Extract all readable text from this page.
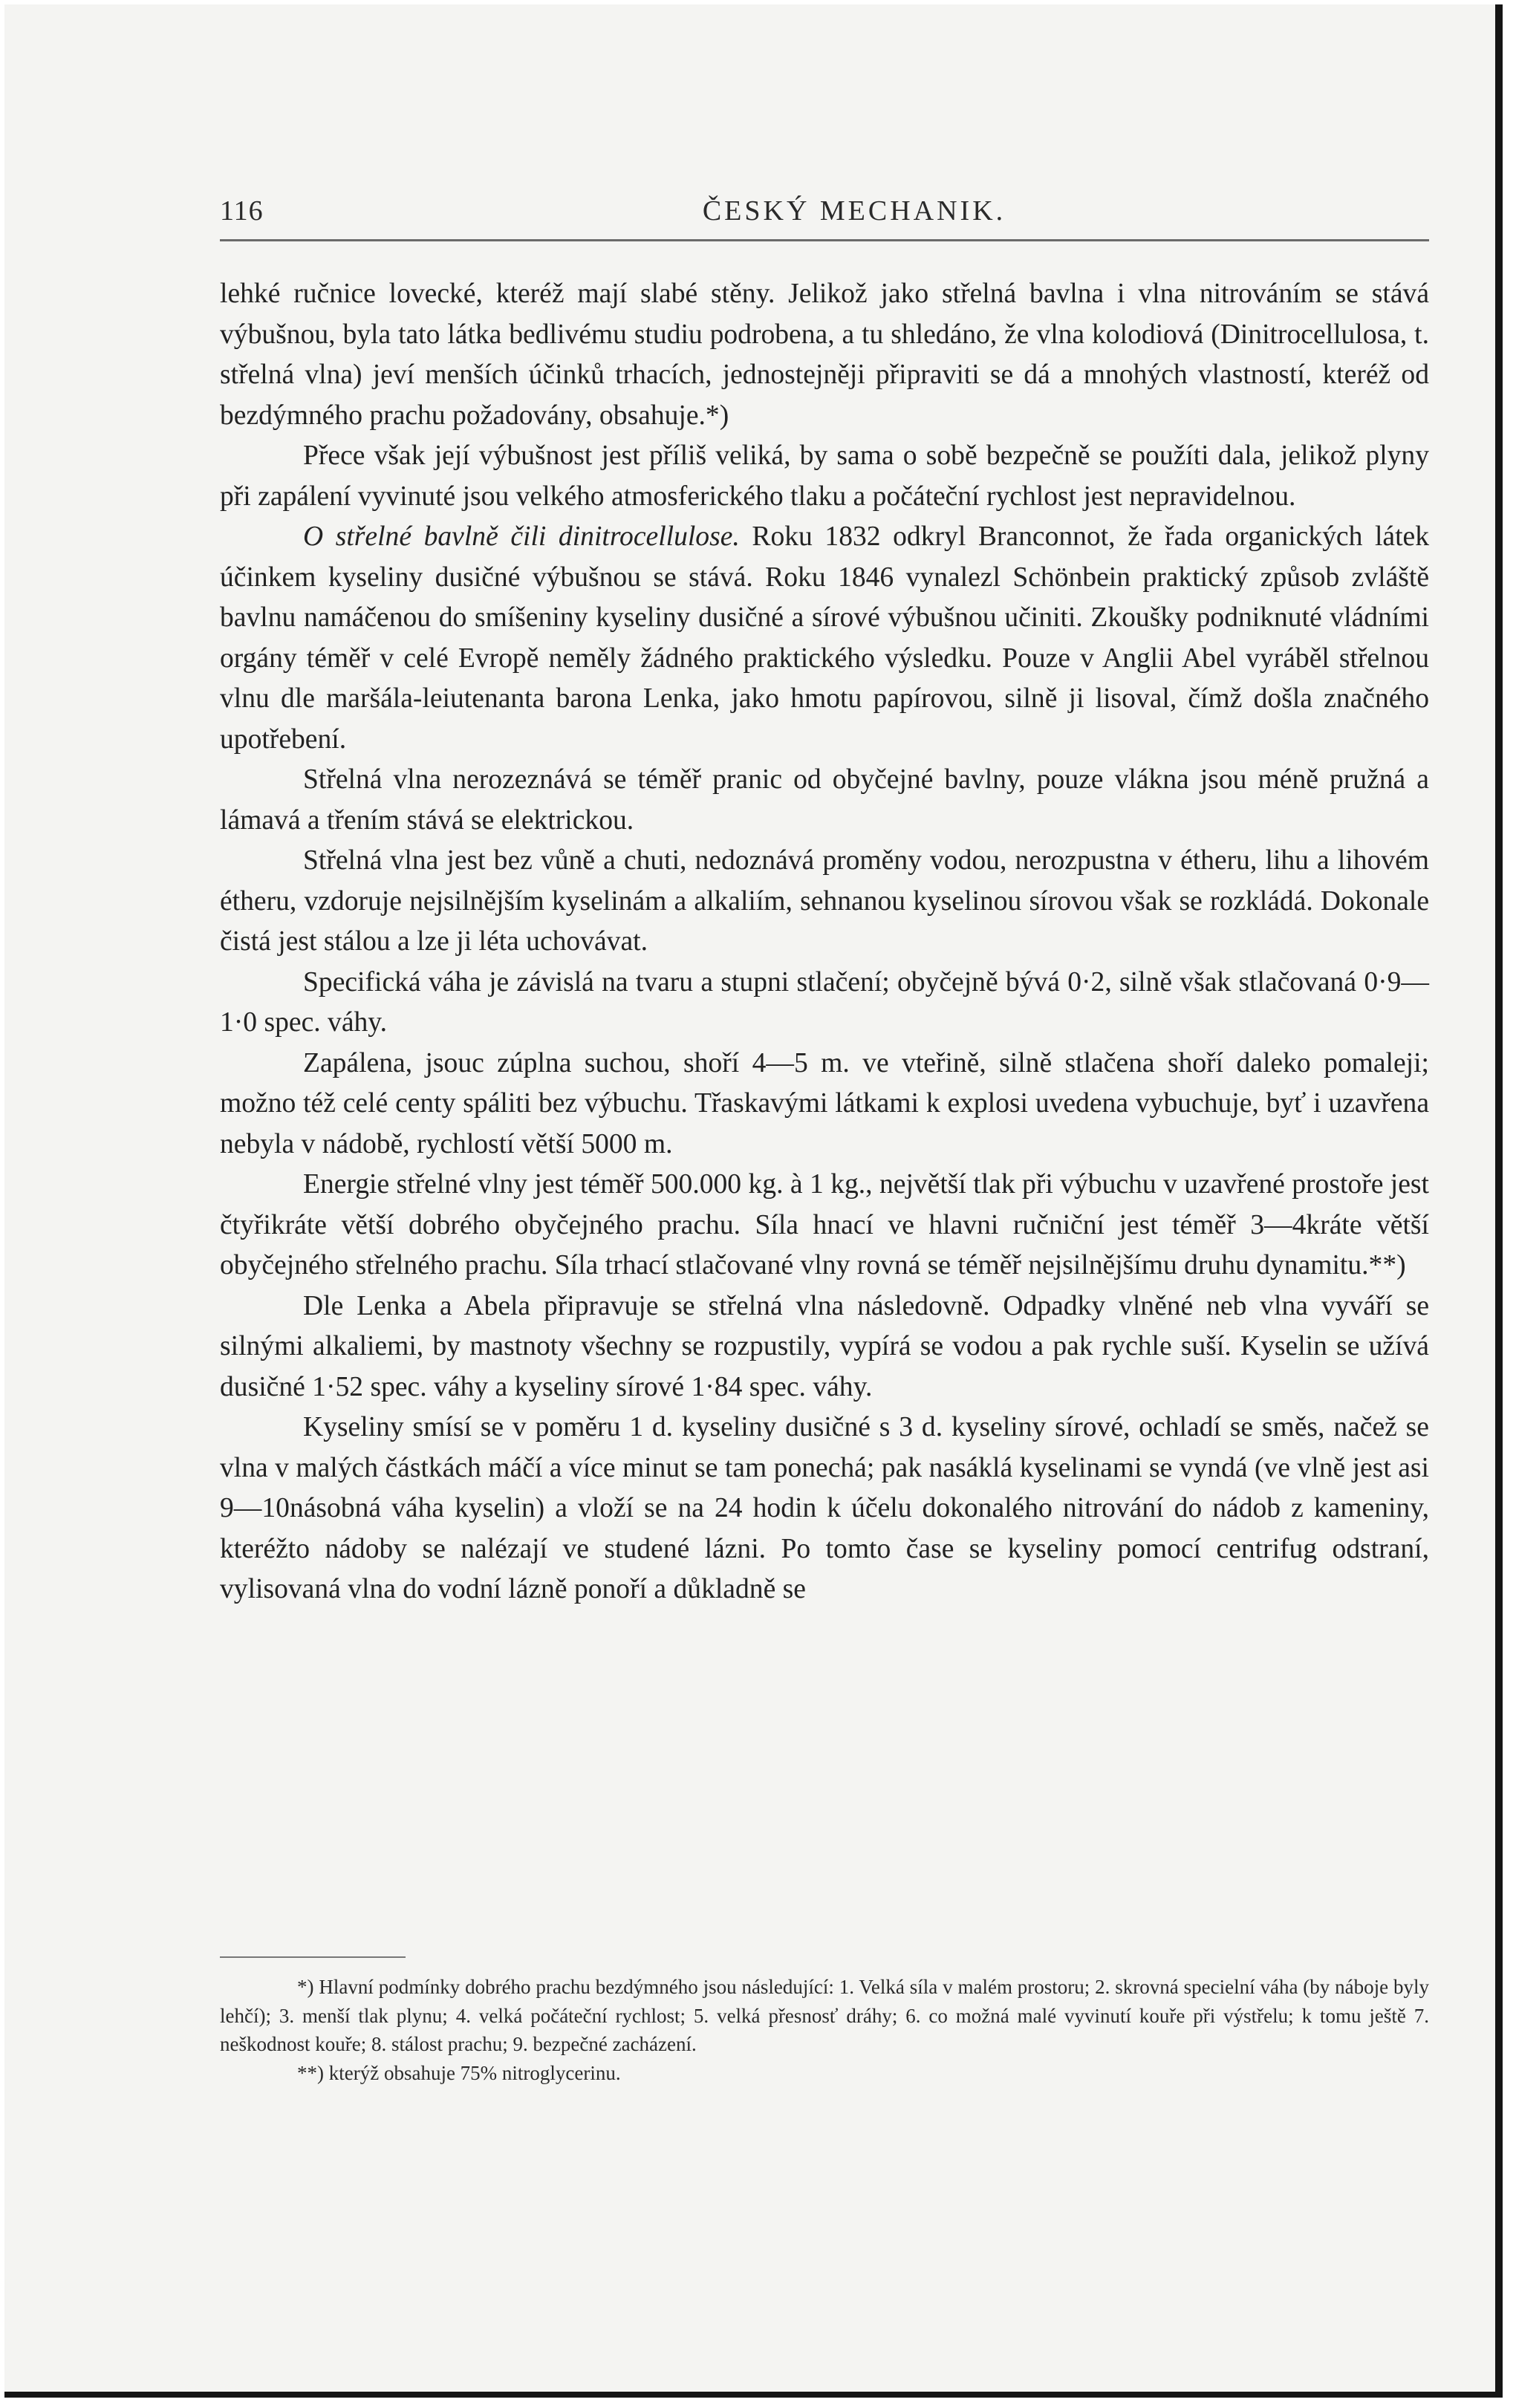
116	ČESKÝ MECHANIK.

lehké ručnice lovecké, kteréž mají slabé stěny. Jelikož jako střelná bavlna i vlna nitrováním se stává výbušnou, byla tato látka bedlivému studiu podrobena, a tu shledáno, že vlna kolodiová (Dinitrocellulosa, t. střelná vlna) jeví menších účinků trhacích, jednostejněji připraviti se dá a mnohých vlastností, kteréž od bezdýmného prachu požadovány, obsahuje.*)

Přece však její výbušnost jest příliš veliká, by sama o sobě bezpečně se použíti dala, jelikož plyny při zapálení vyvinuté jsou velkého atmosferického tlaku a počáteční rychlost jest nepravidelnou.

O střelné bavlně čili dinitrocellulose. Roku 1832 odkryl Branconnot, že řada organických látek účinkem kyseliny dusičné výbušnou se stává. Roku 1846 vynalezl Schönbein praktický způsob zvláště bavlnu namáčenou do smíšeniny kyseliny dusičné a sírové výbušnou učiniti. Zkoušky podniknuté vládními orgány téměř v celé Evropě neměly žádného praktického výsledku. Pouze v Anglii Abel vyráběl střelnou vlnu dle maršála-leiutenanta barona Lenka, jako hmotu papírovou, silně ji lisoval, čímž došla značného upotřebení.

Střelná vlna nerozeznává se téměř pranic od obyčejné bavlny, pouze vlákna jsou méně pružná a lámavá a třením stává se elektrickou.

Střelná vlna jest bez vůně a chuti, nedoznává proměny vodou, nerozpustna v étheru, lihu a lihovém étheru, vzdoruje nejsilnějším kyselinám a alkaliím, sehnanou kyselinou sírovou však se rozkládá. Dokonale čistá jest stálou a lze ji léta uchovávat.

Specifická váha je závislá na tvaru a stupni stlačení; obyčejně bývá 0·2, silně však stlačovaná 0·9—1·0 spec. váhy.

Zapálena, jsouc zúplna suchou, shoří 4—5 m. ve vteřině, silně stlačena shoří daleko pomaleji; možno též celé centy spáliti bez výbuchu. Třaskavými látkami k explosi uvedena vybuchuje, byť i uzavřena nebyla v nádobě, rychlostí větší 5000 m.

Energie střelné vlny jest téměř 500.000 kg. à 1 kg., největší tlak při výbuchu v uzavřené prostoře jest čtyřikráte větší dobrého obyčejného prachu. Síla hnací ve hlavni ručniční jest téměř 3—4kráte větší obyčejného střelného prachu. Síla trhací stlačované vlny rovná se téměř nejsilnějšímu druhu dynamitu.**)

Dle Lenka a Abela připravuje se střelná vlna následovně. Odpadky vlněné neb vlna vyváří se silnými alkaliemi, by mastnoty všechny se rozpustily, vypírá se vodou a pak rychle suší. Kyselin se užívá dusičné 1·52 spec. váhy a kyseliny sírové 1·84 spec. váhy.

Kyseliny smísí se v poměru 1 d. kyseliny dusičné s 3 d. kyseliny sírové, ochladí se směs, načež se vlna v malých částkách máčí a více minut se tam ponechá; pak nasáklá kyselinami se vyndá (ve vlně jest asi 9—10násobná váha kyselin) a vloží se na 24 hodin k účelu dokonalého nitrování do nádob z kameniny, kteréžto nádoby se nalézají ve studené lázni. Po tomto čase se kyseliny pomocí centrifug odstraní, vylisovaná vlna do vodní lázně ponoří a důkladně se

*) Hlavní podmínky dobrého prachu bezdýmného jsou následující: 1. Velká síla v malém prostoru; 2. skrovná specielní váha (by náboje byly lehčí); 3. menší tlak plynu; 4. velká počáteční rychlost; 5. velká přesnosť dráhy; 6. co možná malé vyvinutí kouře při výstřelu; k tomu ještě 7. neškodnost kouře; 8. stálost prachu; 9. bezpečné zacházení.

**) kterýž obsahuje 75% nitroglycerinu.
